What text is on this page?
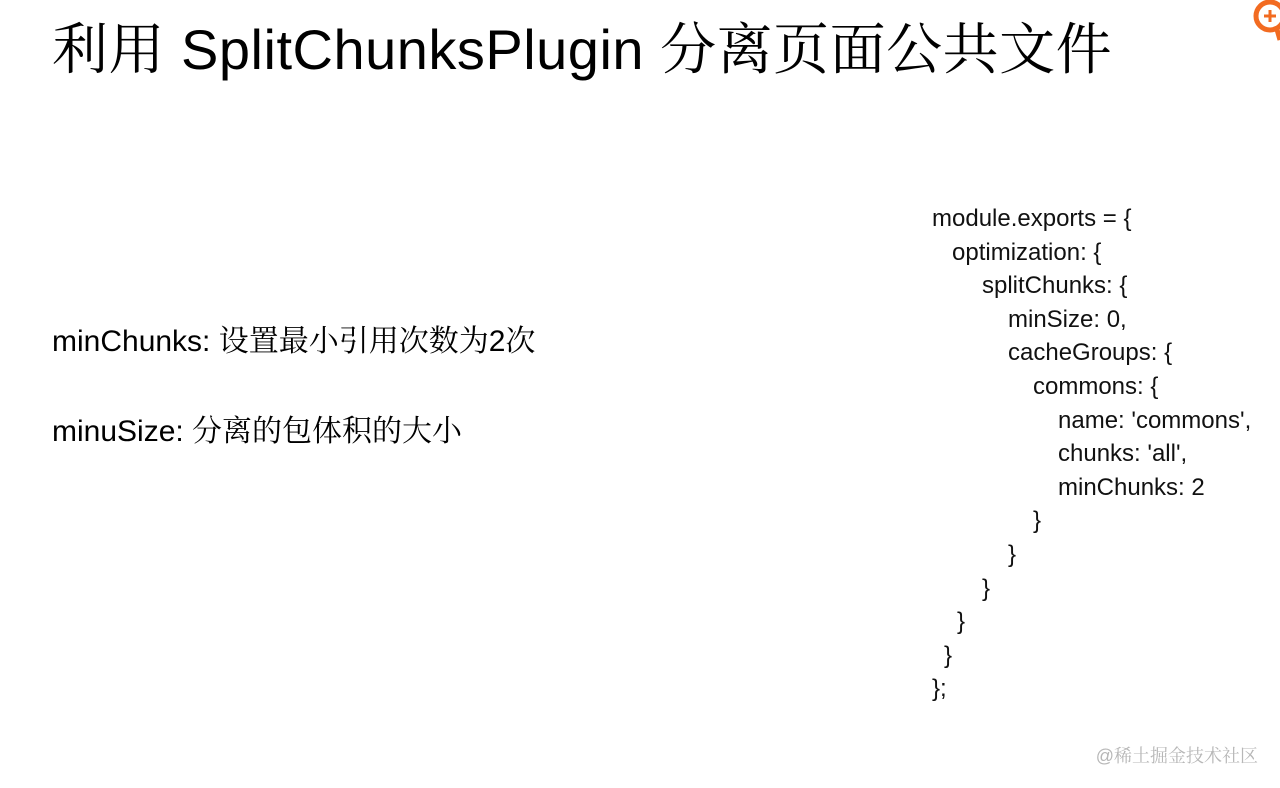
利用 SplitChunksPlugin 分离页面公共文件
minChunks: 设置最小引用次数为2次
minuSize: 分离的包体积的大小
module.exports = {
optimization: {
splitChunks: {
minSize: 0,
cacheGroups: {
commons: {
name: 'commons',
chunks: 'all',
minChunks: 2
}
}
}
}
}
};
@稀土掘金技术社区
